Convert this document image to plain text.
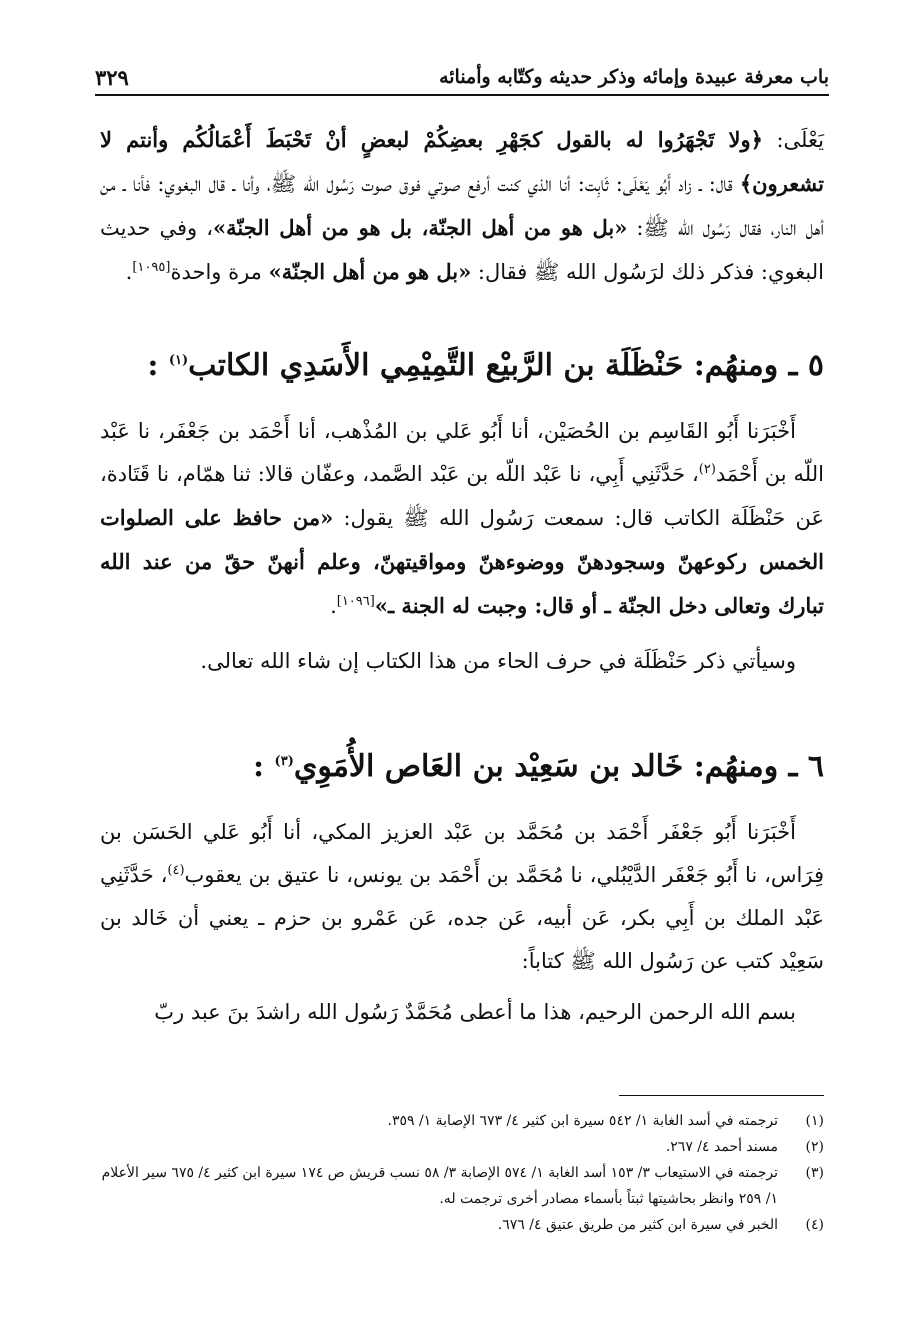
باب معرفة عبيدة وإمائه وذكر حديثه وكتّابه وأمنائه
٣٢٩

يَعْلَى: ﴿ولا تَجْهَرُوا له بالقول كجَهْرِ بعضِكُمْ لبعضٍ أنْ تَحْبَطَ أَعْمَالُكُم وأنتم لا تشعرون﴾ قال: ـ زاد أَبُو يَعْلَى: ثَابِت: أنا الذي كنت أرفع صوتي فوق صوت رَسُول الله ﷺ، وأنا ـ قال البغوي: فأنا ـ من أهل النار، فقال رَسُول الله ﷺ: «بل هو من أهل الجنّة، بل هو من أهل الجنّة»، وفي حديث البغوي: فذكر ذلك لرَسُول الله ﷺ فقال: «بل هو من أهل الجنّة» مرة واحدة[١٠٩٥].

٥ ـ ومنهُم: حَنْظَلَة بن الرَّبيْع التَّمِيْمِي الأَسَدِي الكاتب$^{(١)}$ :

أَخْبَرَنا أَبُو القَاسِم بن الحُصَيْن، أنا أَبُو عَلي بن المُذْهب، أنا أَحْمَد بن جَعْفَر، نا عَبْد اللّه بن أَحْمَد$^{(٢)}$، حَدَّثَنِي أَبِي، نا عَبْد اللّه بن عَبْد الصَّمد، وعفّان قالا: ثنا همّام، نا قَتَادة، عَن حَنْظَلَة الكاتب قال: سمعت رَسُول الله ﷺ يقول: «من حافظ على الصلوات الخمس ركوعهنّ وسجودهنّ ووضوءهنّ ومواقيتهنّ، وعلم أنهنّ حقّ من عند الله تبارك وتعالى دخل الجنّة ـ أو قال: وجبت له الجنة ـ»[١٠٩٦].

وسيأتي ذكر حَنْظَلَة في حرف الحاء من هذا الكتاب إن شاء الله تعالى.

٦ ـ ومنهُم: خَالد بن سَعِيْد بن العَاص الأُمَوِي$^{(٣)}$ :

أَخْبَرَنا أَبُو جَعْفَر أَحْمَد بن مُحَمَّد بن عَبْد العزيز المكي، أنا أَبُو عَلي الحَسَن بن فِرَاس، نا أَبُو جَعْفَر الدَّيْبُلي، نا مُحَمَّد بن أَحْمَد بن يونس، نا عتيق بن يعقوب$^{(٤)}$، حَدَّثَنِي عَبْد الملك بن أَبِي بكر، عَن أبيه، عَن جده، عَن عَمْرو بن حزم ـ يعني أن خَالد بن سَعِيْد كتب عن رَسُول الله ﷺ كتاباً:

بسم الله الرحمن الرحيم، هذا ما أعطى مُحَمَّدٌ رَسُول الله راشدَ بنَ عبد ربّ

(١)
ترجمته في أسد الغابة ١/ ٥٤٢ سيرة ابن كثير ٤/ ٦٧٣ الإصابة ١/ ٣٥٩.
(٢)
مسند أحمد ٤/ ٢٦٧.
(٣)
ترجمته في الاستيعاب ٣/ ١٥٣ أسد الغابة ١/ ٥٧٤ الإصابة ٣/ ٥٨ نسب قريش ص ١٧٤ سيرة ابن كثير ٤/ ٦٧٥ سير الأعلام ١/ ٢٥٩ وانظر بحاشيتها ثبتاً بأسماء مصادر أخرى ترجمت له.
(٤)
الخبر في سيرة ابن كثير من طريق عتيق ٤/ ٦٧٦.
